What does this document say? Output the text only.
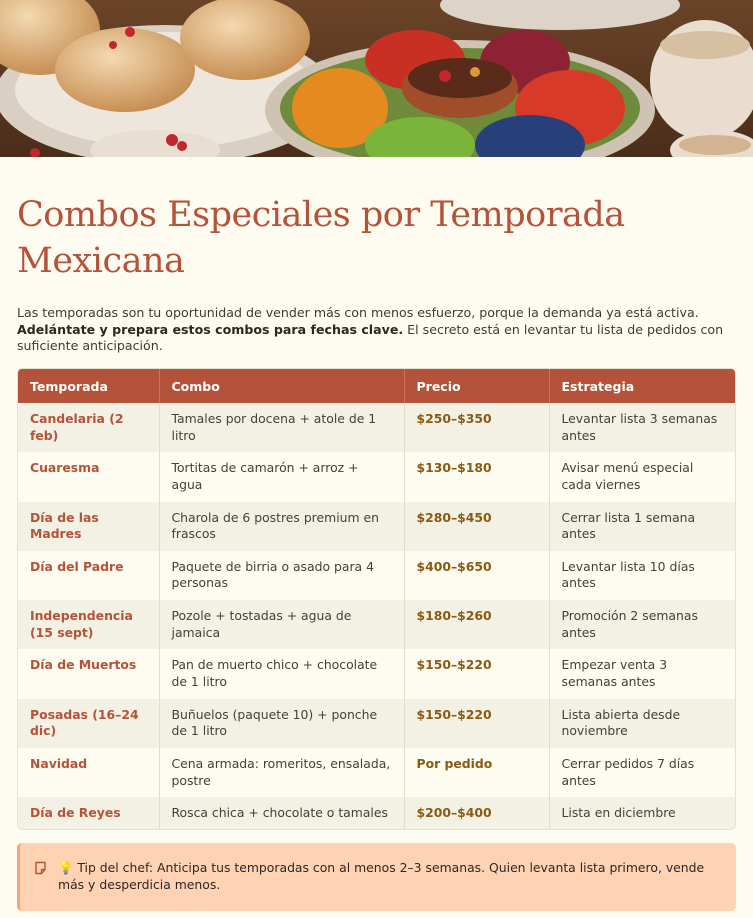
Combos Especiales por Temporada Mexicana

Las temporadas son tu oportunidad de vender más con menos esfuerzo, porque la demanda ya está activa. Adelántate y prepara estos combos para fechas clave. El secreto está en levantar tu lista de pedidos con suficiente anticipación.

Temporada	Combo	Precio	Estrategia
Candelaria (2 feb)	Tamales por docena + atole de 1 litro	$250–$350	Levantar lista 3 semanas antes
Cuaresma	Tortitas de camarón + arroz + agua	$130–$180	Avisar menú especial cada viernes
Día de las Madres	Charola de 6 postres premium en frascos	$280–$450	Cerrar lista 1 semana antes
Día del Padre	Paquete de birria o asado para 4 personas	$400–$650	Levantar lista 10 días antes
Independencia (15 sept)	Pozole + tostadas + agua de jamaica	$180–$260	Promoción 2 semanas antes
Día de Muertos	Pan de muerto chico + chocolate de 1 litro	$150–$220	Empezar venta 3 semanas antes
Posadas (16–24 dic)	Buñuelos (paquete 10) + ponche de 1 litro	$150–$220	Lista abierta desde noviembre
Navidad	Cena armada: romeritos, ensalada, postre	Por pedido	Cerrar pedidos 7 días antes
Día de Reyes	Rosca chica + chocolate o tamales	$200–$400	Lista en diciembre
💡 Tip del chef: Anticipa tus temporadas con al menos 2–3 semanas. Quien levanta lista primero, vende más y desperdicia menos.
